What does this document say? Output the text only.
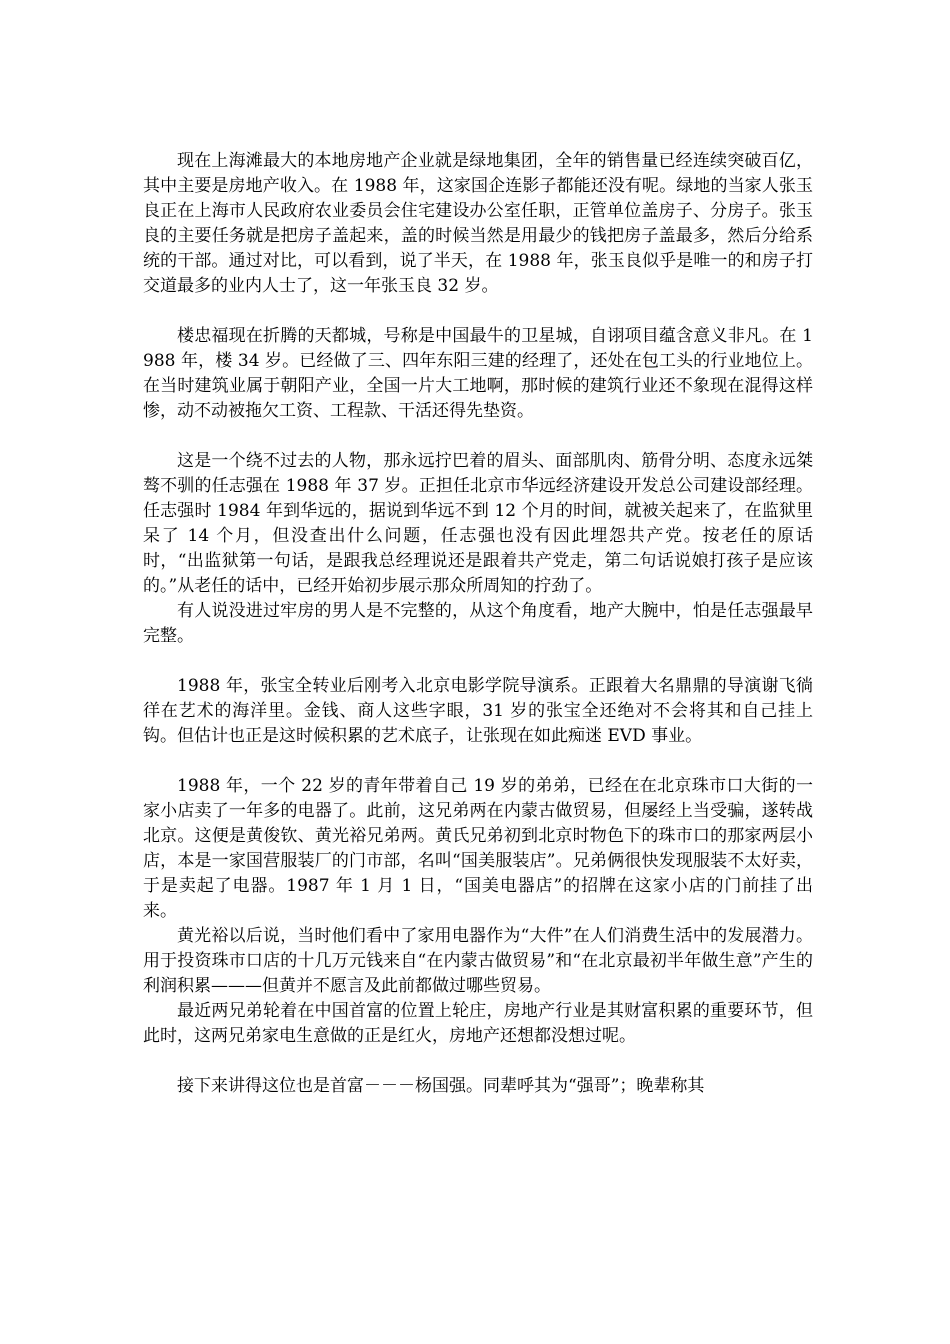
现在上海滩最大的本地房地产企业就是绿地集团，全年的销售量已经连续突破百亿，其中主要是房地产收入。在 1988 年，这家国企连影子都能还没有呢。绿地的当家人张玉良正在上海市人民政府农业委员会住宅建设办公室任职，正管单位盖房子、分房子。张玉良的主要任务就是把房子盖起来，盖的时候当然是用最少的钱把房子盖最多，然后分给系统的干部。通过对比，可以看到，说了半天，在 1988 年，张玉良似乎是唯一的和房子打交道最多的业内人士了，这一年张玉良 32 岁。

楼忠福现在折腾的天都城，号称是中国最牛的卫星城，自诩项目蕴含意义非凡。在 1988 年，楼 34 岁。已经做了三、四年东阳三建的经理了，还处在包工头的行业地位上。在当时建筑业属于朝阳产业，全国一片大工地啊，那时候的建筑行业还不象现在混得这样惨，动不动被拖欠工资、工程款、干活还得先垫资。

这是一个绕不过去的人物，那永远拧巴着的眉头、面部肌肉、筋骨分明、态度永远桀骜不驯的任志强在 1988 年 37 岁。正担任北京市华远经济建设开发总公司建设部经理。任志强时 1984 年到华远的，据说到华远不到 12 个月的时间，就被关起来了，在监狱里呆了 14 个月，但没查出什么问题，任志强也没有因此埋怨共产党。按老任的原话时，“出监狱第一句话，是跟我总经理说还是跟着共产党走，第二句话说娘打孩子是应该的。”从老任的话中，已经开始初步展示那众所周知的拧劲了。

有人说没进过牢房的男人是不完整的，从这个角度看，地产大腕中，怕是任志强最早完整。

1988 年，张宝全转业后刚考入北京电影学院导演系。正跟着大名鼎鼎的导演谢飞徜徉在艺术的海洋里。金钱、商人这些字眼，31 岁的张宝全还绝对不会将其和自己挂上钩。但估计也正是这时候积累的艺术底子，让张现在如此痴迷 EVD 事业。

1988 年，一个 22 岁的青年带着自己 19 岁的弟弟，已经在在北京珠市口大街的一家小店卖了一年多的电器了。此前，这兄弟两在内蒙古做贸易，但屡经上当受骗，遂转战北京。这便是黄俊钦、黄光裕兄弟两。黄氏兄弟初到北京时物色下的珠市口的那家两层小店，本是一家国营服装厂的门市部，名叫“国美服装店”。兄弟俩很快发现服装不太好卖，于是卖起了电器。1987 年 1 月 1 日，“国美电器店”的招牌在这家小店的门前挂了出来。

黄光裕以后说，当时他们看中了家用电器作为“大件”在人们消费生活中的发展潜力。用于投资珠市口店的十几万元钱来自“在内蒙古做贸易”和“在北京最初半年做生意”产生的利润积累———但黄并不愿言及此前都做过哪些贸易。

最近两兄弟轮着在中国首富的位置上轮庄，房地产行业是其财富积累的重要环节，但此时，这两兄弟家电生意做的正是红火，房地产还想都没想过呢。

接下来讲得这位也是首富－－－杨国强。同辈呼其为“强哥”；晚辈称其
